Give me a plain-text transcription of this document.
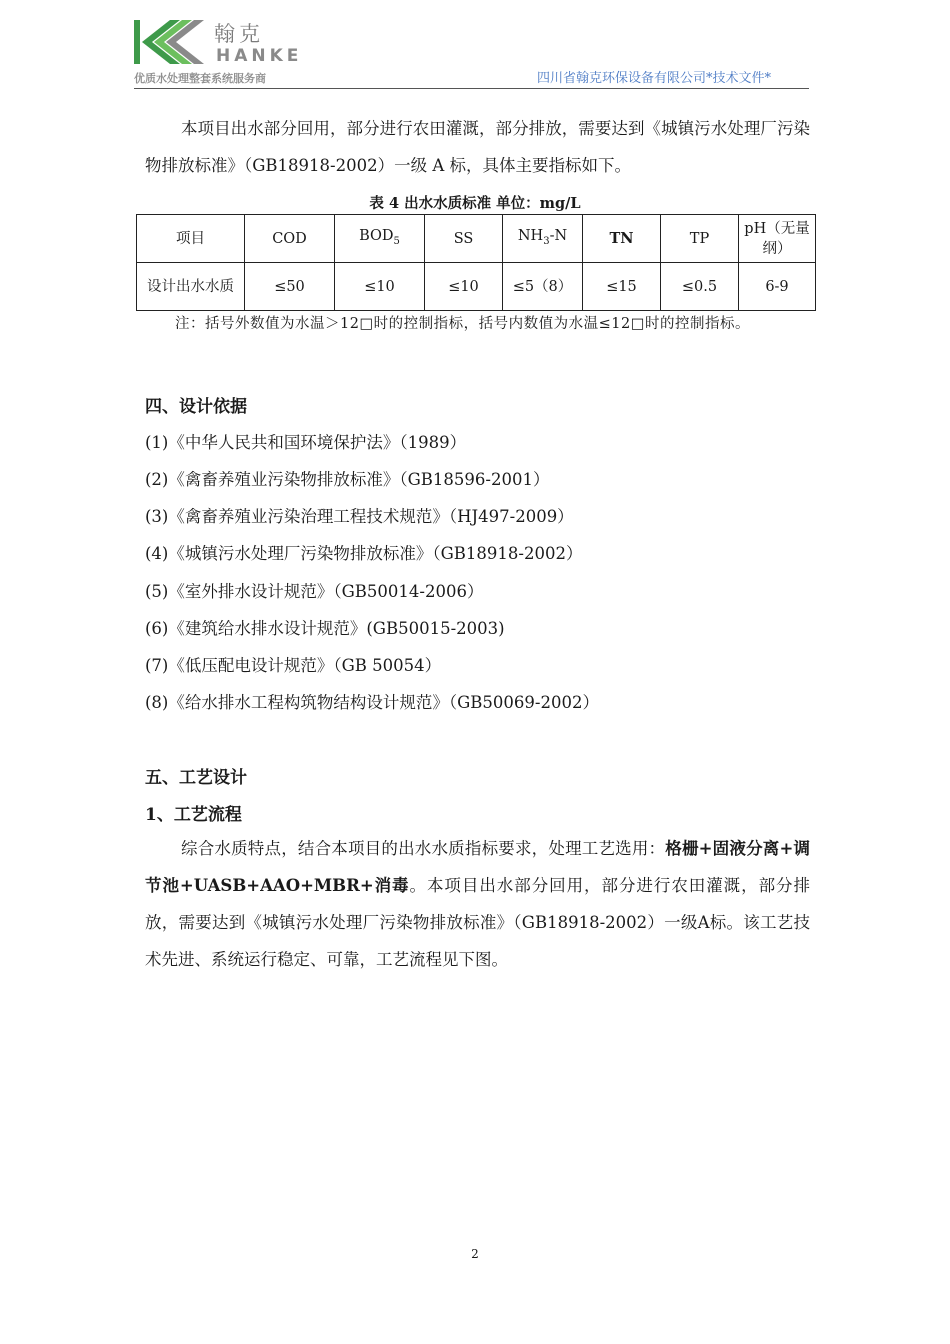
翰克
HANKE
优质水处理整套系统服务商	四川省翰克环保设备有限公司*技术文件*
本项目出水部分回用，部分进行农田灌溉，部分排放，需要达到《城镇污水处理厂污染物排放标准》（GB18918-2002）一级 A 标，具体主要指标如下。
表 4 出水水质标准 单位：mg/L
项目	COD	$BOD_5$	SS	$NH_3-N$	TN	TP	pH（无量纲）
设计出水水质	≤50	≤10	≤10	≤5（8）	≤15	≤0.5	6-9
注：括号外数值为水温＞12□时的控制指标，括号内数值为水温≤12□时的控制指标。
四、设计依据
(1)《中华人民共和国环境保护法》（1989）
(2)《禽畜养殖业污染物排放标准》（GB18596-2001）
(3)《禽畜养殖业污染治理工程技术规范》（HJ497-2009）
(4)《城镇污水处理厂污染物排放标准》（GB18918-2002）
(5)《室外排水设计规范》（GB50014-2006）
(6)《建筑给水排水设计规范》(GB50015-2003)
(7)《低压配电设计规范》（GB 50054）
(8)《给水排水工程构筑物结构设计规范》（GB50069-2002）
五、工艺设计
1、工艺流程
综合水质特点，结合本项目的出水水质指标要求，处理工艺选用：格栅+固液分离+调节池+UASB+AAO+MBR+消毒。本项目出水部分回用，部分进行农田灌溉，部分排放，需要达到《城镇污水处理厂污染物排放标准》（GB18918-2002）一级A标。该工艺技术先进、系统运行稳定、可靠，工艺流程见下图。
2
